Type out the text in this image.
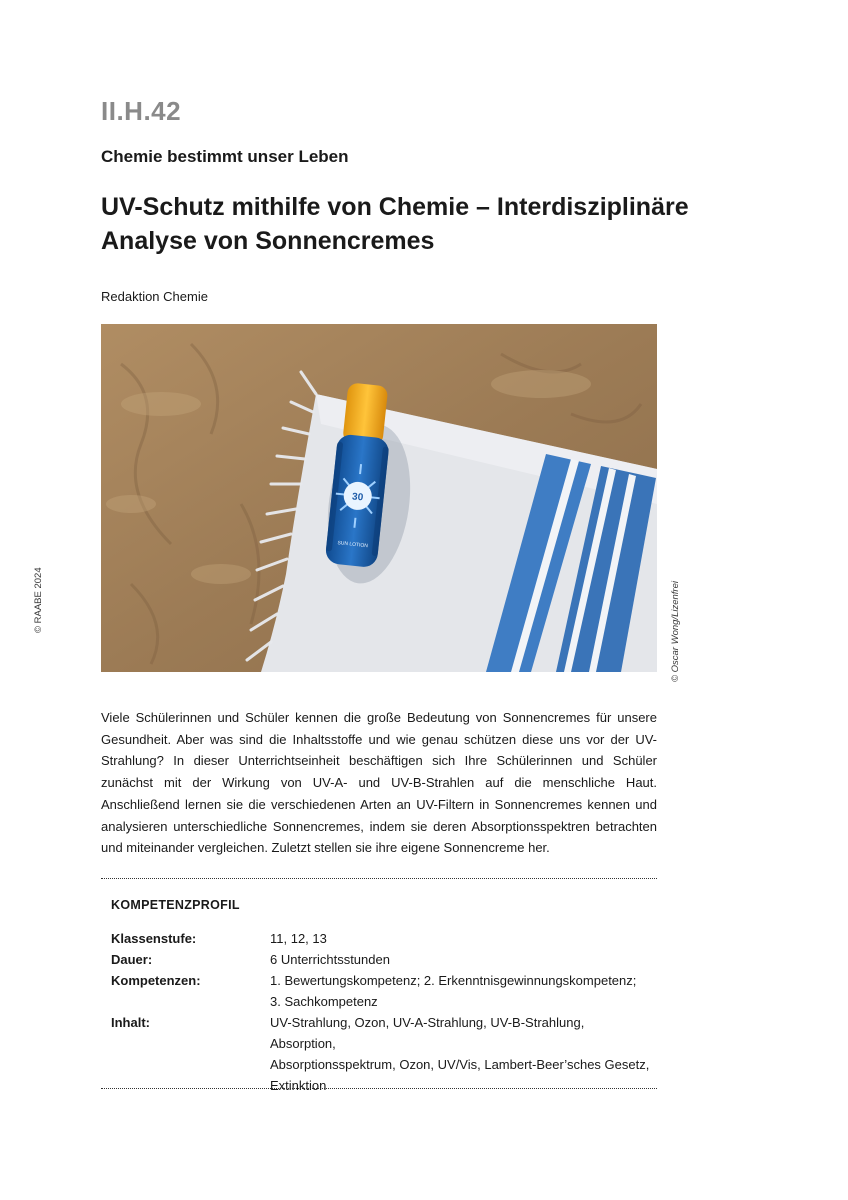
II.H.42
Chemie bestimmt unser Leben
UV-Schutz mithilfe von Chemie – Interdisziplinäre
Analyse von Sonnencremes
Redaktion Chemie
30
SUN LOTION
© Oscar Wong/Lizenfrei
© RAABE 2024
Viele Schülerinnen und Schüler kennen die große Bedeutung von Sonnencremes für unsere Gesundheit. Aber was sind die Inhaltsstoffe und wie genau schützen diese uns vor der UV-Strahlung? In dieser Unterrichtseinheit beschäftigen sich Ihre Schülerinnen und Schüler zunächst mit der Wirkung von UV-A- und UV-B-Strahlen auf die menschliche Haut. Anschließend lernen sie die verschiedenen Arten an UV-Filtern in Sonnencremes kennen und analysieren unterschiedliche Sonnencremes, indem sie deren Absorptionsspektren betrachten und miteinander vergleichen. Zuletzt stellen sie ihre eigene Sonnencreme her.
KOMPETENZPROFIL
Klassenstufe:	11, 12, 13
Dauer:	6 Unterrichtsstunden
Kompetenzen:	1. Bewertungskompetenz; 2. Erkenntnisgewinnungskompetenz;
3. Sachkompetenz
Inhalt:	UV-Strahlung, Ozon, UV-A-Strahlung, UV-B-Strahlung, Absorption,
Absorptionsspektrum, Ozon, UV/Vis, Lambert-Beer’sches Gesetz,
Extinktion
